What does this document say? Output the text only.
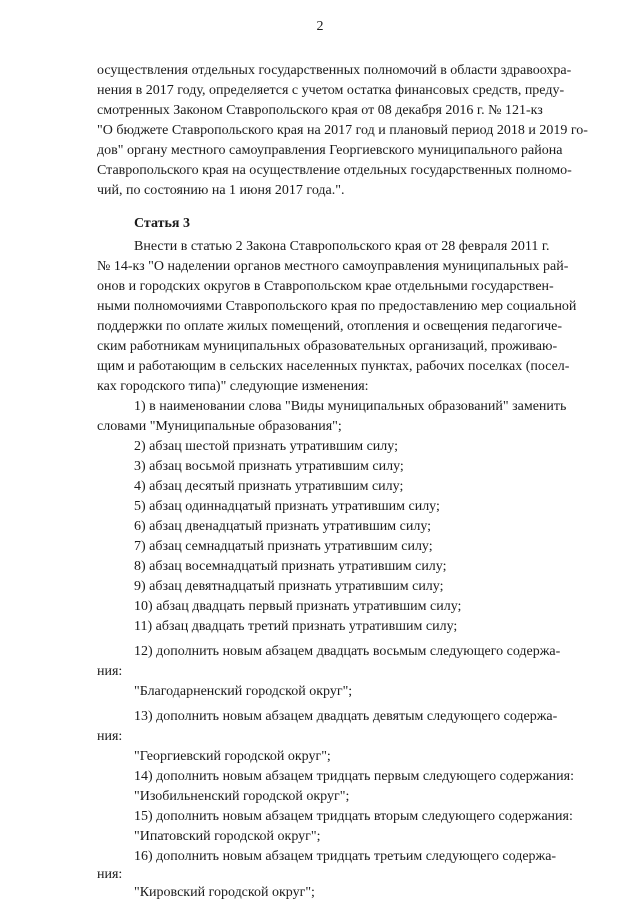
2
осуществления отдельных государственных полномочий в области здравоохра-
нения в 2017 году, определяется с учетом остатка финансовых средств, преду-
смотренных Законом Ставропольского края от 08 декабря 2016 г. № 121-кз
"О бюджете Ставропольского края на 2017 год и плановый период 2018 и 2019 го-
дов" органу местного самоуправления Георгиевского муниципального района
Ставропольского края на осуществление отдельных государственных полномо-
чий, по состоянию на 1 июня 2017 года.".
Статья 3
Внести в статью 2 Закона Ставропольского края от 28 февраля 2011 г.
№ 14-кз "О наделении органов местного самоуправления муниципальных рай-
онов и городских округов в Ставропольском крае отдельными государствен-
ными полномочиями Ставропольского края по предоставлению мер социальной
поддержки по оплате жилых помещений, отопления и освещения педагогиче-
ским работникам муниципальных образовательных организаций, проживаю-
щим и работающим в сельских населенных пунктах, рабочих поселках (посел-
ках городского типа)" следующие изменения:
1) в наименовании слова "Виды муниципальных образований" заменить
словами "Муниципальные образования";
2) абзац шестой признать утратившим силу;
3) абзац восьмой признать утратившим силу;
4) абзац десятый признать утратившим силу;
5) абзац одиннадцатый признать утратившим силу;
6) абзац двенадцатый признать утратившим силу;
7) абзац семнадцатый признать утратившим силу;
8) абзац восемнадцатый признать утратившим силу;
9) абзац девятнадцатый признать утратившим силу;
10) абзац двадцать первый признать утратившим силу;
11) абзац двадцать третий признать утратившим силу;
12) дополнить новым абзацем двадцать восьмым следующего содержа-
ния:
"Благодарненский городской округ";
13) дополнить новым абзацем двадцать девятым следующего содержа-
ния:
"Георгиевский городской округ";
14) дополнить новым абзацем тридцать первым следующего содержания:
"Изобильненский городской округ";
15) дополнить новым абзацем тридцать вторым следующего содержания:
"Ипатовский городской округ";
16) дополнить новым абзацем тридцать третьим следующего содержа-
ния:
"Кировский городской округ";
